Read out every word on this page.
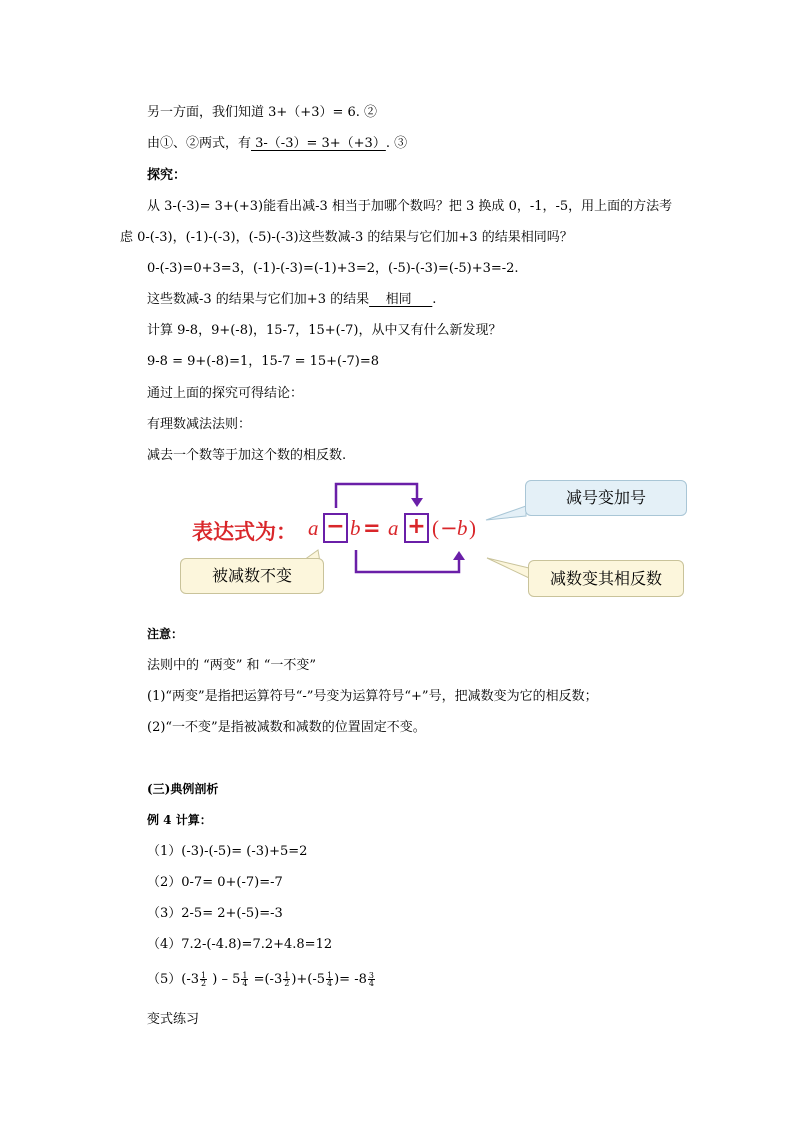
另一方面，我们知道 3+（+3）= 6. ②
由①、②两式，有 3-（-3）= 3+（+3）. ③
探究：
从 3-(-3)= 3+(+3)能看出减-3 相当于加哪个数吗？把 3 换成 0，-1，-5，用上面的方法考
虑 0-(-3)，(-1)-(-3)，(-5)-(-3)这些数减-3 的结果与它们加+3 的结果相同吗？
0-(-3)=0+3=3，(-1)-(-3)=(-1)+3=2，(-5)-(-3)=(-5)+3=-2.
这些数减-3 的结果与它们加+3 的结果    相同     .
计算 9-8，9+(-8)，15-7，15+(-7)，从中又有什么新发现？
9-8 = 9+(-8)=1，15-7 = 15+(-7)=8
通过上面的探究可得结论：
有理数减法法则：
减去一个数等于加这个数的相反数.
表达式为： a − b = a + ( − b )
减号变加号
被减数不变	减数变其相反数
注意：
法则中的 “两变” 和 “一不变”
(1)“两变”是指把运算符号“-”号变为运算符号“+”号，把减数变为它的相反数；
(2)“一不变”是指被减数和减数的位置固定不变。
(三)典例剖析
例 4 计算：
（1）(-3)-(-5)= (-3)+5=2
（2）0-7= 0+(-7)=-7
（3）2-5= 2+(-5)=-3
（4）7.2-(-4.8)=7.2+4.8=12
$(5)(-3 \frac{1}{2}$ ) – $5 \frac{1}{4} =(-3 \frac{1}{2} )+(-5 \frac{1}{4}$ )= $-8 \frac{3}{4}$
变式练习
